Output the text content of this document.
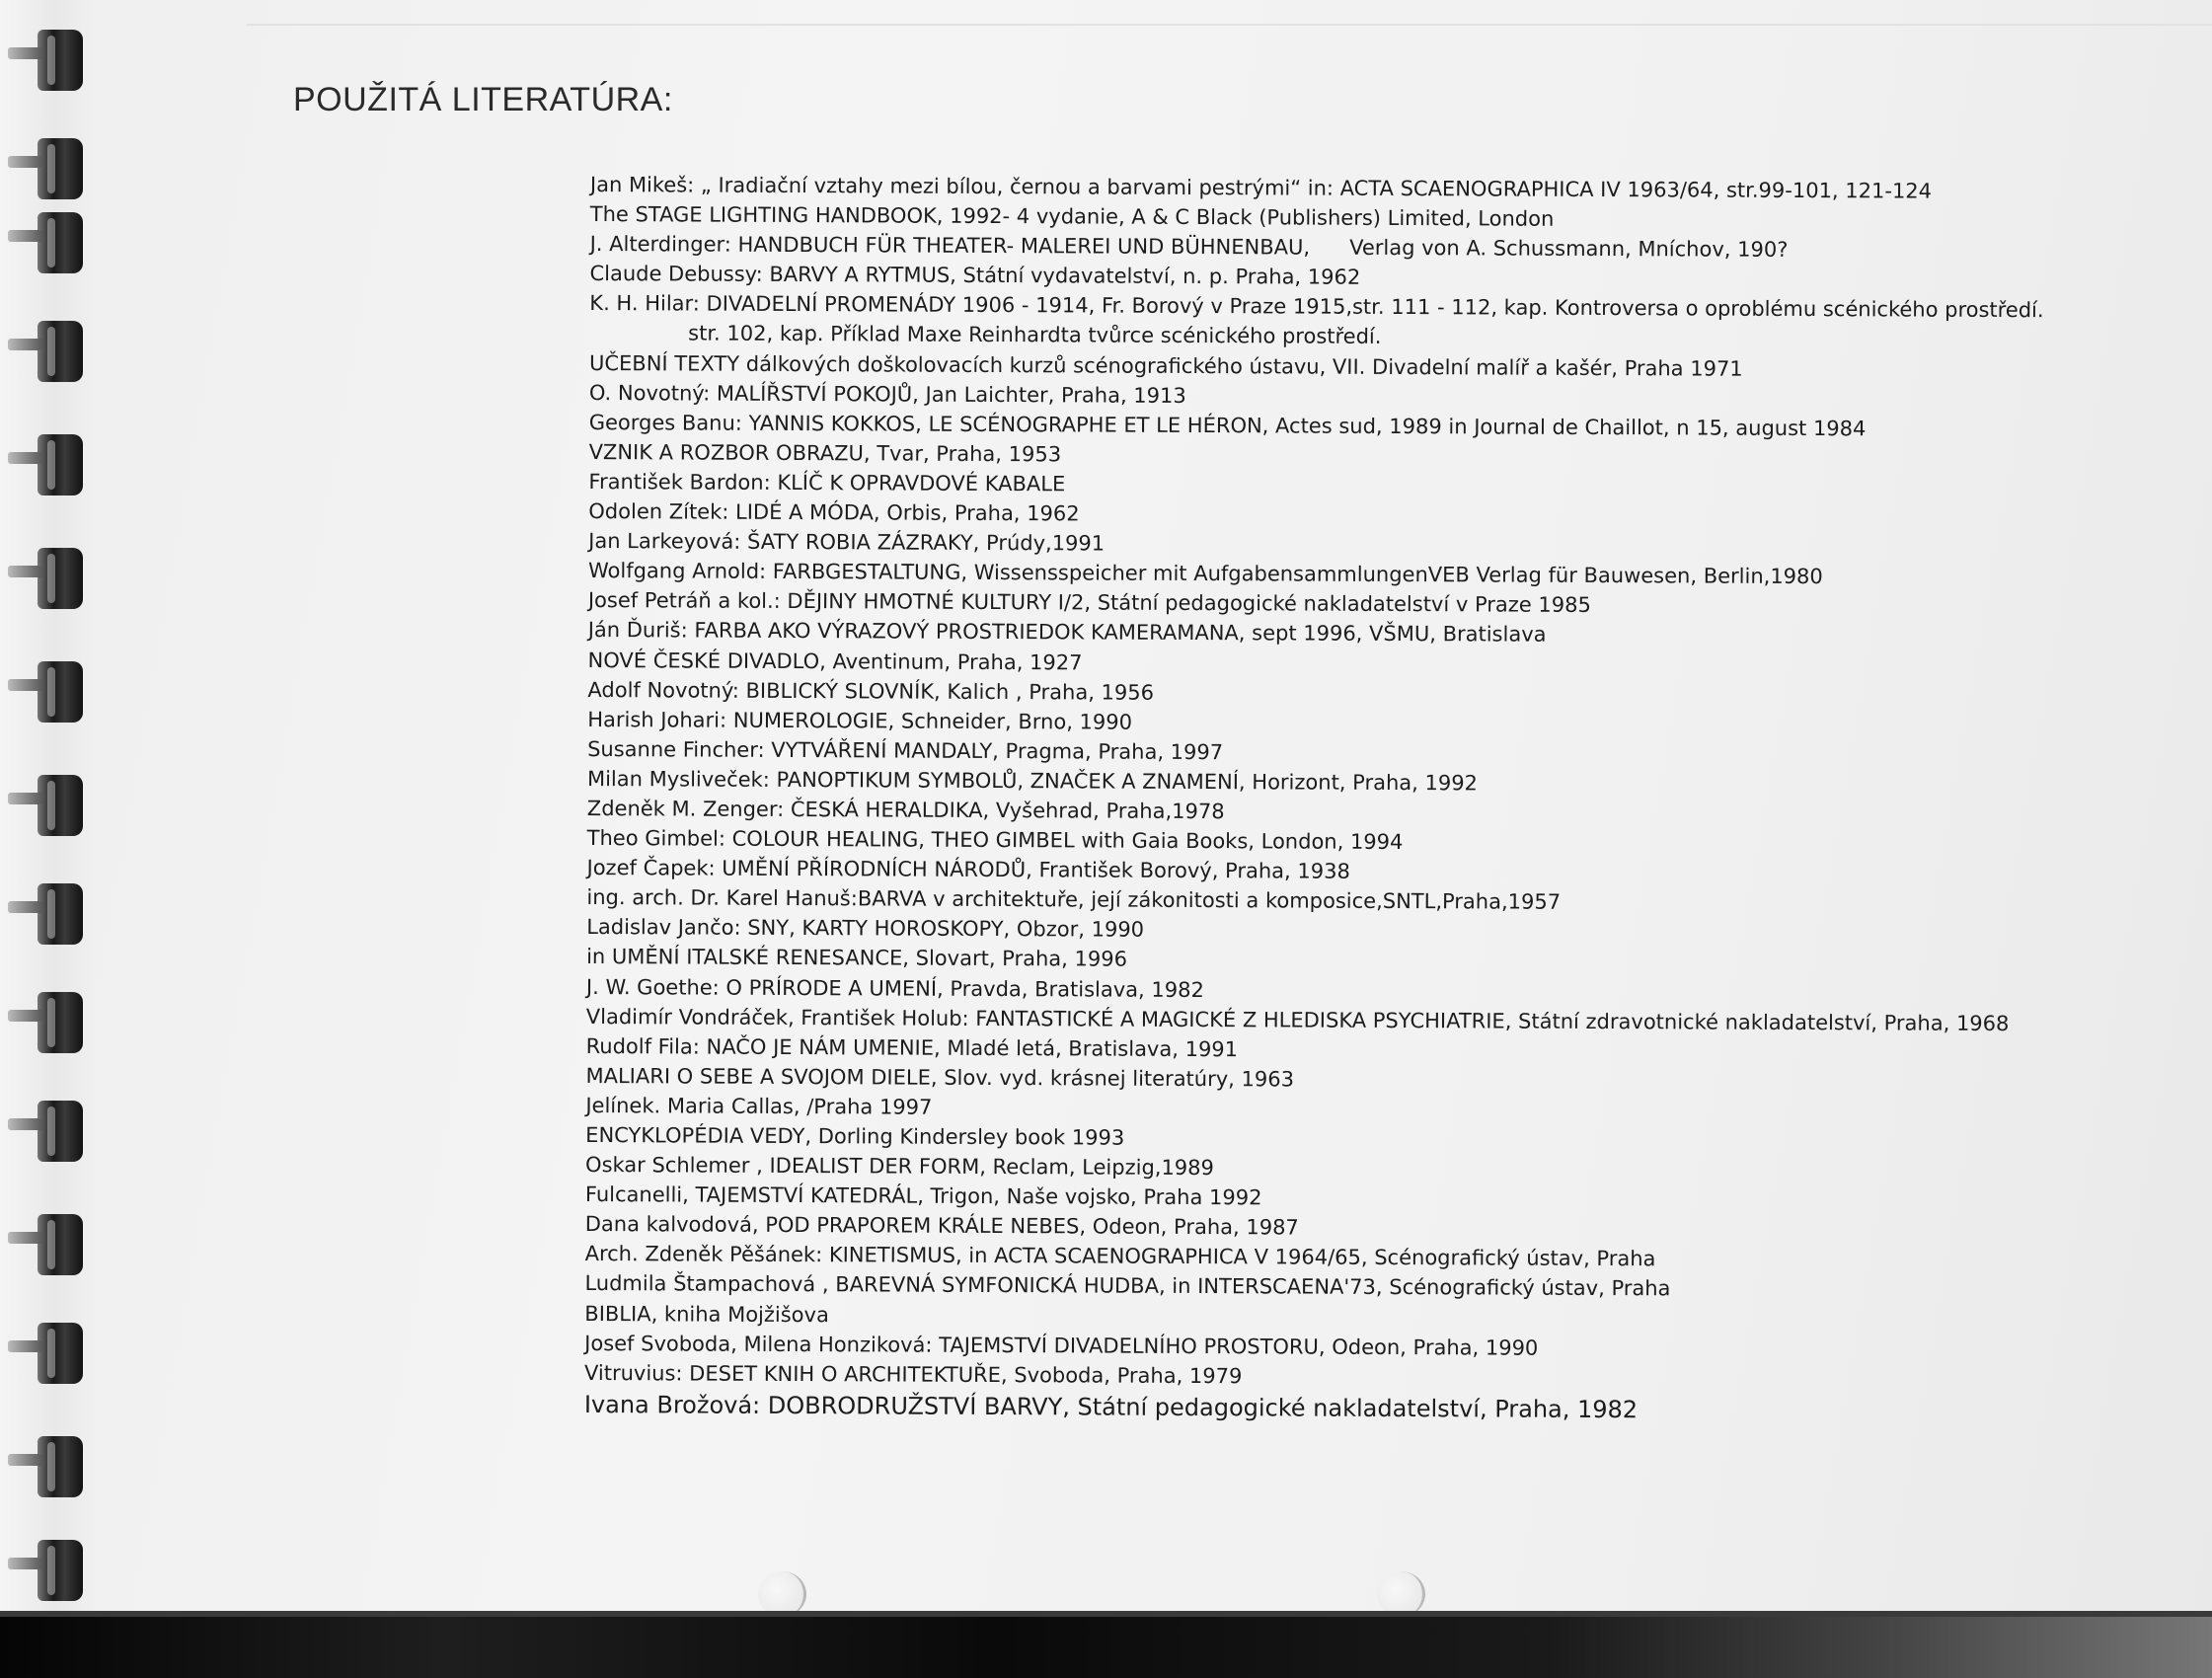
POUŽITÁ LITERATÚRA:
Jan Mikeš: „ Iradiační vztahy mezi bílou, černou a barvami pestrými“ in: ACTA SCAENOGRAPHICA IV 1963/64, str.99-101, 121-124
The STAGE LIGHTING HANDBOOK, 1992- 4 vydanie, A & C Black (Publishers) Limited, London
J. Alterdinger: HANDBUCH FÜR THEATER- MALEREI UND BÜHNENBAU,      Verlag von A. Schussmann, Mníchov, 190?
Claude Debussy: BARVY A RYTMUS, Státní vydavatelství, n. p. Praha, 1962
K. H. Hilar: DIVADELNÍ PROMENÁDY 1906 - 1914, Fr. Borový v Praze 1915,str. 111 - 112, kap. Kontroversa o oproblému scénického prostředí.
str. 102, kap. Příklad Maxe Reinhardta tvůrce scénického prostředí.
UČEBNÍ TEXTY dálkových doškolovacích kurzů scénografického ústavu, VII. Divadelní malíř a kašér, Praha 1971
O. Novotný: MALÍŘSTVÍ POKOJŮ, Jan Laichter, Praha, 1913
Georges Banu: YANNIS KOKKOS, LE SCÉNOGRAPHE ET LE HÉRON, Actes sud, 1989 in Journal de Chaillot, n 15, august 1984
VZNIK A ROZBOR OBRAZU, Tvar, Praha, 1953
František Bardon: KLÍČ K OPRAVDOVÉ KABALE
Odolen Zítek: LIDÉ A MÓDA, Orbis, Praha, 1962
Jan Larkeyová: ŠATY ROBIA ZÁZRAKY, Prúdy,1991
Wolfgang Arnold: FARBGESTALTUNG, Wissensspeicher mit AufgabensammlungenVEB Verlag für Bauwesen, Berlin,1980
Josef Petráň a kol.: DĚJINY HMOTNÉ KULTURY I/2, Státní pedagogické nakladatelství v Praze 1985
Ján Ďuriš: FARBA AKO VÝRAZOVÝ PROSTRIEDOK KAMERAMANA, sept 1996, VŠMU, Bratislava
NOVÉ ČESKÉ DIVADLO, Aventinum, Praha, 1927
Adolf Novotný: BIBLICKÝ SLOVNÍK, Kalich , Praha, 1956
Harish Johari: NUMEROLOGIE, Schneider, Brno, 1990
Susanne Fincher: VYTVÁŘENÍ MANDALY, Pragma, Praha, 1997
Milan Mysliveček: PANOPTIKUM SYMBOLŮ, ZNAČEK A ZNAMENÍ, Horizont, Praha, 1992
Zdeněk M. Zenger: ČESKÁ HERALDIKA, Vyšehrad, Praha,1978
Theo Gimbel: COLOUR HEALING, THEO GIMBEL with Gaia Books, London, 1994
Jozef Čapek: UMĚNÍ PŘÍRODNÍCH NÁRODŮ, František Borový, Praha, 1938
ing. arch. Dr. Karel Hanuš:BARVA v architektuře, její zákonitosti a komposice,SNTL,Praha,1957
Ladislav Jančo: SNY, KARTY HOROSKOPY, Obzor, 1990
in UMĚNÍ ITALSKÉ RENESANCE, Slovart, Praha, 1996
J. W. Goethe: O PRÍRODE A UMENÍ, Pravda, Bratislava, 1982
Vladimír Vondráček, František Holub: FANTASTICKÉ A MAGICKÉ Z HLEDISKA PSYCHIATRIE, Státní zdravotnické nakladatelství, Praha, 1968
Rudolf Fila: NAČO JE NÁM UMENIE, Mladé letá, Bratislava, 1991
MALIARI O SEBE A SVOJOM DIELE, Slov. vyd. krásnej literatúry, 1963
Jelínek. Maria Callas, /Praha 1997
ENCYKLOPÉDIA VEDY, Dorling Kindersley book 1993
Oskar Schlemer , IDEALIST DER FORM, Reclam, Leipzig,1989
Fulcanelli, TAJEMSTVÍ KATEDRÁL, Trigon, Naše vojsko, Praha 1992
Dana kalvodová, POD PRAPOREM KRÁLE NEBES, Odeon, Praha, 1987
Arch. Zdeněk Pěšánek: KINETISMUS, in ACTA SCAENOGRAPHICA V 1964/65, Scénografický ústav, Praha
Ludmila Štampachová , BAREVNÁ SYMFONICKÁ HUDBA, in INTERSCAENA'73, Scénografický ústav, Praha
BIBLIA, kniha Mojžišova
Josef Svoboda, Milena Honziková: TAJEMSTVÍ DIVADELNÍHO PROSTORU, Odeon, Praha, 1990
Vitruvius: DESET KNIH O ARCHITEKTUŘE, Svoboda, Praha, 1979
Ivana Brožová: DOBRODRUŽSTVÍ BARVY, Státní pedagogické nakladatelství, Praha, 1982
